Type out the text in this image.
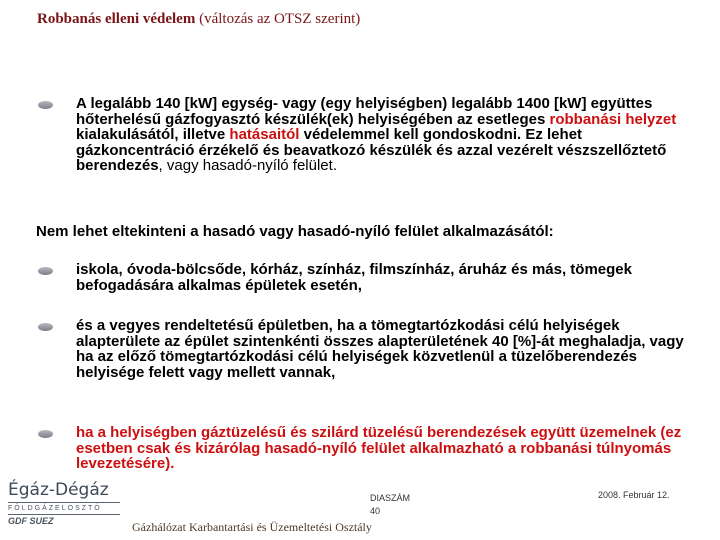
Robbanás elleni védelem (változás az OTSZ szerint)
A legalább 140 [kW] egység- vagy (egy helyiségben) legalább 1400 [kW] együttes hőterhelésű gázfogyasztó készülék(ek) helyiségében az esetleges robbanási helyzet kialakulásától, illetve hatásaitól védelemmel kell gondoskodni. Ez lehet gázkoncentráció érzékelő és beavatkozó készülék és azzal vezérelt vészszellőztető berendezés, vagy hasadó-nyíló felület.
Nem lehet eltekinteni a hasadó vagy hasadó-nyíló felület alkalmazásától:
iskola, óvoda-bölcsőde, kórház, színház, filmszínház, áruház és más, tömegek befogadására alkalmas épületek esetén,
és a vegyes rendeltetésű épületben, ha a tömegtartózkodási célú helyiségek alapterülete az épület szintenkénti összes alapterületének 40 [%]-át meghaladja, vagy ha az előző tömegtartózkodási célú helyiségek közvetlenül a tüzelőberendezés helyisége felett vagy mellett vannak,
ha a helyiségben gáztüzelésű és szilárd tüzelésű berendezések együtt üzemelnek (ez esetben csak és kizárólag hasadó-nyíló felület alkalmazható a robbanási túlnyomás levezetésére).
Égáz-Dégáz
FÖLDGÁZELOSZTÓ
GDF SUEZ
DIASZÁM
40
2008. Február 12.
Gázhálózat Karbantartási és Üzemeltetési Osztály
